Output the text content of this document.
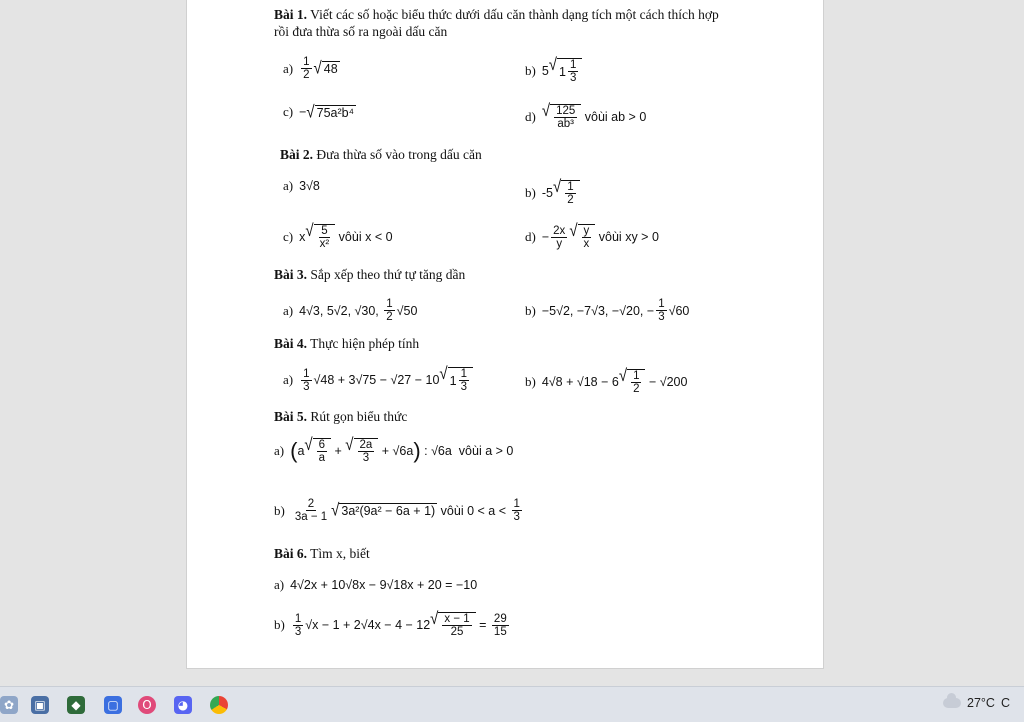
Bài 1. Viết các số hoặc biểu thức dưới dấu căn thành dạng tích một cách thích hợp
rồi đưa thừa số ra ngoài dấu căn
$a) \frac{1}{2}$ √ 48	b) 5 √ $1 \frac{1}{3}$
c) − √ 75a²b⁴	d) √ $\frac{125}{\text{ab³}}$
vôùi
ab > 0
Bài 2. Đưa thừa số vào trong dấu căn
a) 3√8	b) -5 √ $\frac{1}{2}$
c) x √ $\frac{5}{\text{x²}}$
vôùi
x < 0	$d) - \frac{2x}{y}$ √ $\frac{y}{x}$
vôùi
xy > 0
Bài 3. Sắp xếp theo thứ tự tăng dần
a) 4√3, 5√2, √30,
$\frac{1}{2} √50$	b) −5√2, −7√3, −√20, − $\frac{1}{3} √60$
Bài 4. Thực hiện phép tính
$a) \frac{1}{3} √48 + 3√75 - √27 - 10$ √ $1 \frac{1}{3}$	b) 4√8 + √18 − 6 √ $\frac{1}{2}$
− √200
Bài 5. Rút gọn biểu thức
a) ( a √ $\frac{6}{a}$ + √ $\frac{2a}{3} + √6a$ ) : √6a vôùi
a > 0
$b) \frac{2}{3a - 1}$ √ 3a²(9a² − 6a + 1)
vôùi
0 < a <
$\frac{1}{3}$
Bài 6. Tìm x, biết
a) 4√2x + 10√8x − 9√18x + 20 = −10
$b) \frac{1}{3} √x - 1 + 2√4x - 4 - 12$ √ $\frac{x - 1}{25} = \frac{29}{15}$
✿	▣	◆	▢	O	◕	27°C C
